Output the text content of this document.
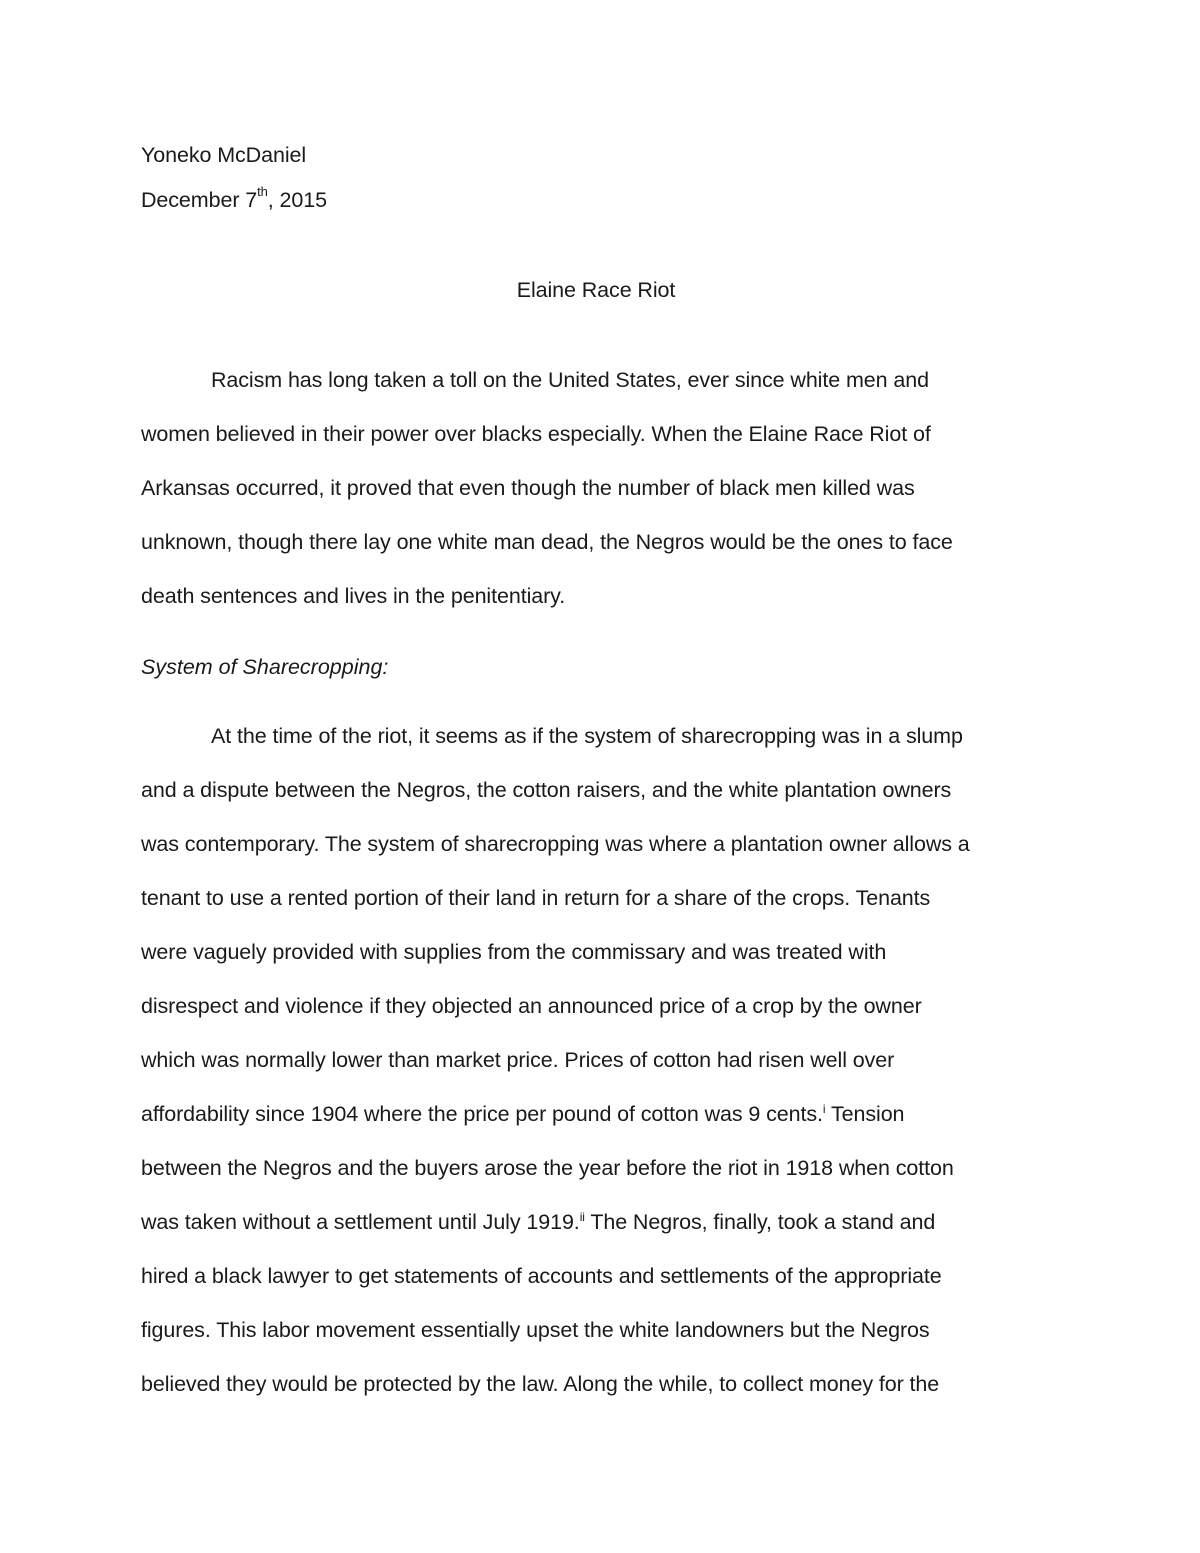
Yoneko McDaniel
December 7th, 2015
Elaine Race Riot
Racism has long taken a toll on the United States, ever since white men and
women believed in their power over blacks especially. When the Elaine Race Riot of
Arkansas occurred, it proved that even though the number of black men killed was
unknown, though there lay one white man dead, the Negros would be the ones to face
death sentences and lives in the penitentiary.
System of Sharecropping:
At the time of the riot, it seems as if the system of sharecropping was in a slump
and a dispute between the Negros, the cotton raisers, and the white plantation owners
was contemporary. The system of sharecropping was where a plantation owner allows a
tenant to use a rented portion of their land in return for a share of the crops. Tenants
were vaguely provided with supplies from the commissary and was treated with
disrespect and violence if they objected an announced price of a crop by the owner
which was normally lower than market price. Prices of cotton had risen well over
affordability since 1904 where the price per pound of cotton was 9 cents.$^i$ Tension
between the Negros and the buyers arose the year before the riot in 1918 when cotton
was taken without a settlement until July 1919.$^{ii}$ The Negros, finally, took a stand and
hired a black lawyer to get statements of accounts and settlements of the appropriate
figures. This labor movement essentially upset the white landowners but the Negros
believed they would be protected by the law. Along the while, to collect money for the
